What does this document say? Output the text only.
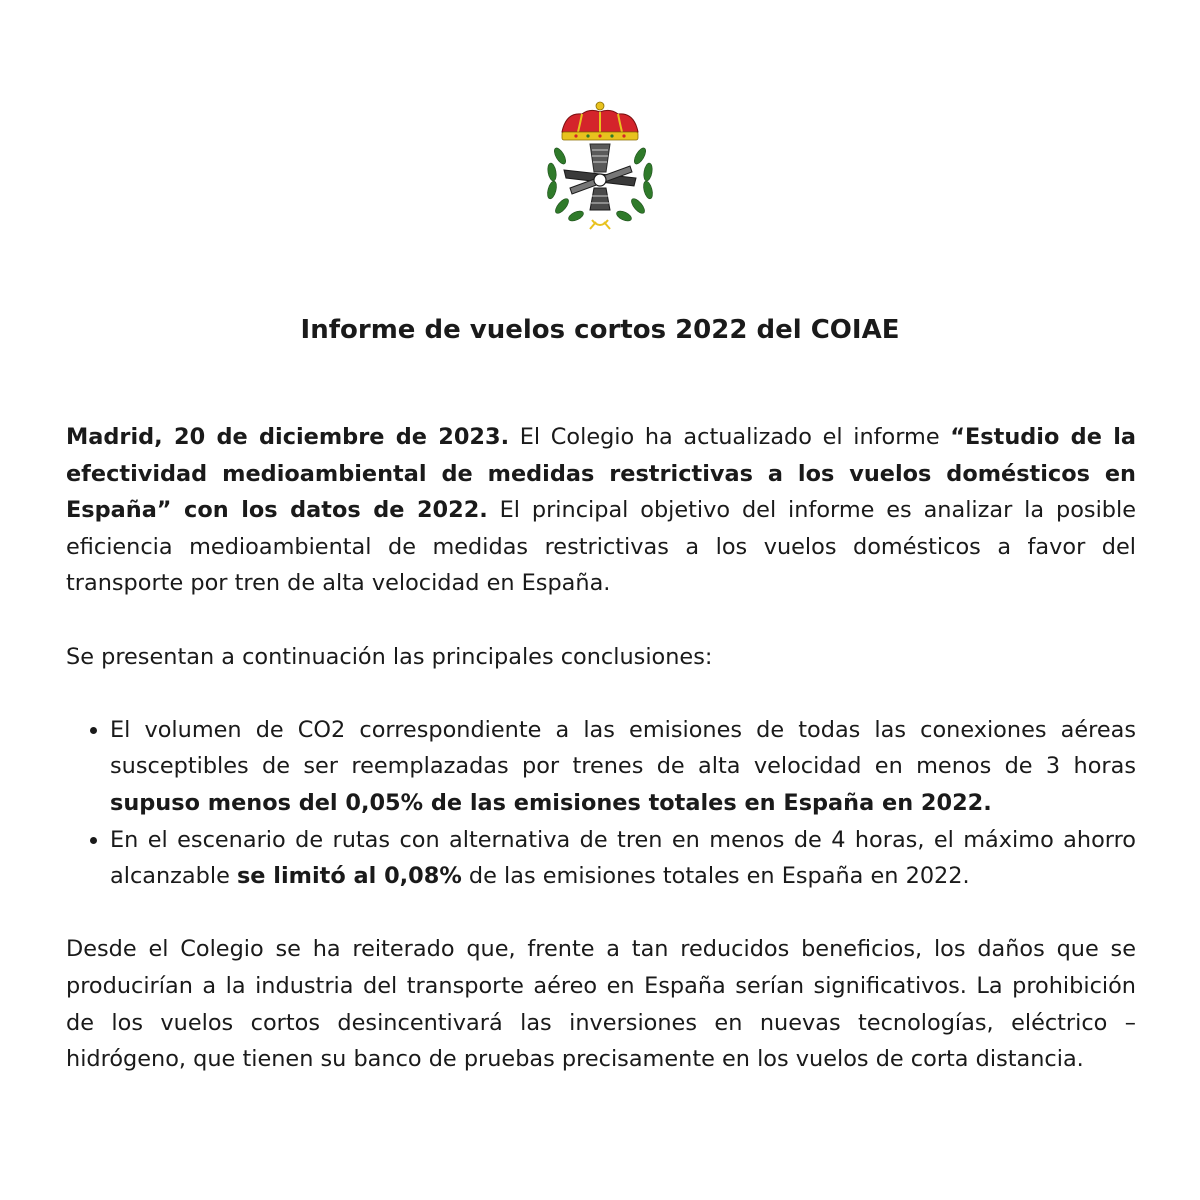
Informe de vuelos cortos 2022 del COIAE

Madrid, 20 de diciembre de 2023. El Colegio ha actualizado el informe “Estudio de la efectividad medioambiental de medidas restrictivas a los vuelos domésticos en España” con los datos de 2022. El principal objetivo del informe es analizar la posible eficiencia medioambiental de medidas restrictivas a los vuelos domésticos a favor del transporte por tren de alta velocidad en España.

Se presentan a continuación las principales conclusiones:

• El volumen de CO2 correspondiente a las emisiones de todas las conexiones aéreas susceptibles de ser reemplazadas por trenes de alta velocidad en menos de 3 horas supuso menos del 0,05% de las emisiones totales en España en 2022.
• En el escenario de rutas con alternativa de tren en menos de 4 horas, el máximo ahorro alcanzable se limitó al 0,08% de las emisiones totales en España en 2022.

Desde el Colegio se ha reiterado que, frente a tan reducidos beneficios, los daños que se producirían a la industria del transporte aéreo en España serían significativos. La prohibición de los vuelos cortos desincentivará las inversiones en nuevas tecnologías, eléctrico – hidrógeno, que tienen su banco de pruebas precisamente en los vuelos de corta distancia.
